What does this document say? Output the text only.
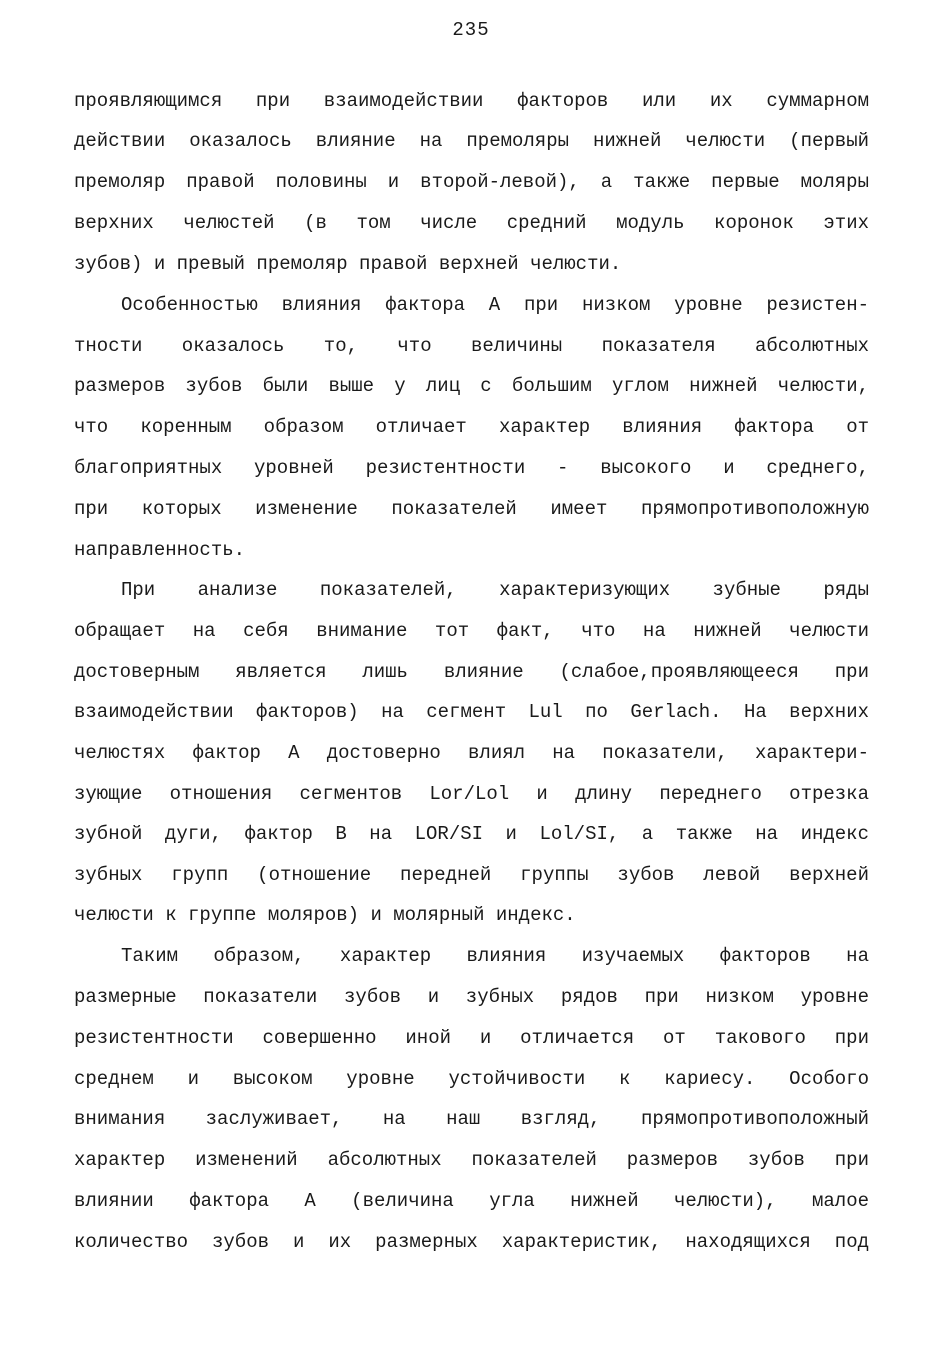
235
проявляющимся при взаимодействии факторов или их суммарном
действии оказалось влияние на премоляры нижней челюсти (первый
премоляр правой половины и второй-левой), а также первые моляры
верхних челюстей (в том числе средний модуль коронок этих
зубов) и превый премоляр правой верхней челюсти.
Особенностью влияния фактора А при низком уровне резистен-
тности оказалось то, что величины показателя абсолютных
размеров зубов были выше у лиц с большим углом нижней челюсти,
что коренным образом отличает характер влияния фактора от
благоприятных уровней резистентности - высокого и среднего,
при которых изменение показателей имеет прямопротивоположную
направленность.
При анализе показателей, характеризующих зубные ряды
обращает на себя внимание тот факт, что на нижней челюсти
достоверным является лишь влияние (слабое,проявляющееся при
взаимодействии факторов) на сегмент Lul по Gerlach. На верхних
челюстях фактор А достоверно влиял на показатели, характери-
зующие отношения сегментов Lor/Lol и длину переднего отрезка
зубной дуги, фактор В на LOR/SI и Lol/SI, а также на индекс
зубных групп (отношение передней группы зубов левой верхней
челюсти к группе моляров) и молярный индекс.
Таким образом, характер влияния изучаемых факторов на
размерные показатели зубов и зубных рядов при низком уровне
резистентности совершенно иной и отличается от такового при
среднем и высоком уровне устойчивости к кариесу. Особого
внимания заслуживает, на наш взгляд, прямопротивоположный
характер изменений абсолютных показателей размеров зубов при
влиянии фактора А (величина угла нижней челюсти), малое
количество зубов и их размерных характеристик, находящихся под
